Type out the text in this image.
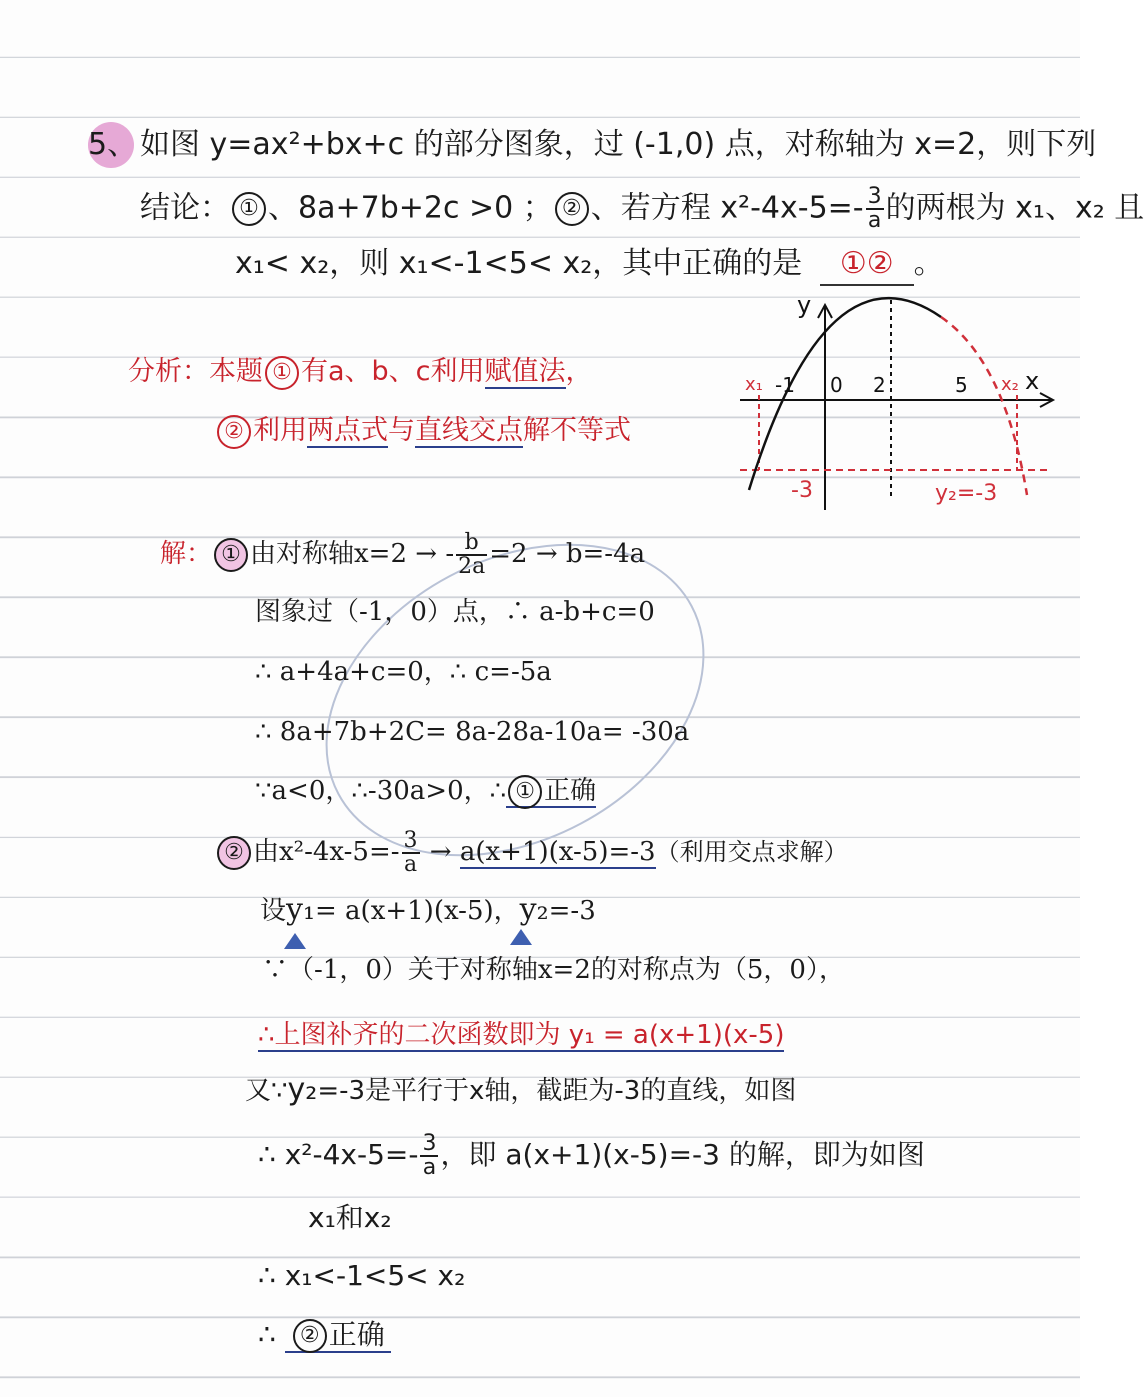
5、如图 y=ax²+bx+c 的部分图象，过 (-1,0) 点，对称轴为 x=2，则下列
结论： ① 、8a+7b+2c >0 ； ② 、若方程 $x^2-4x-5=- \frac{3}{a}$ 的两根为 x₁、x₂ 且
x₁< x₂，则 x₁<-1<5< x₂，其中正确的是 ①② 。
分析：本题 ① 有a、b、c利用赋值法，
② 利用两点式与直线交点解不等式
y
x
-1 0 2	5
x₁	x₂
-3	y₂=-3
解： ① 由对称轴x=2 → - $\frac{b}{2a} =2 \to b=-4a$
图象过（-1，0）点，∴ a-b+c=0
∴ a+4a+c=0，∴ c=-5a
∴ 8a+7b+2C= 8a-28a-10a= -30a
∵a<0，∴-30a>0，∴ ① 正确
② 由$x^2-4x-5=- \frac{3}{a} \to a(x+1)(x-5)=-3$（利用交点求解）
设y₁= a(x+1)(x-5)，y₂=-3
∵（-1，0）关于对称轴x=2的对称点为（5，0），
∴上图补齐的二次函数即为 y₁ = a(x+1)(x-5)
又∵y₂=-3是平行于x轴，截距为-3的直线，如图
∴ $x^2-4x-5=- \frac{3}{a}$ ，即 a(x+1)(x-5)=-3 的解，即为如图
x₁和x₂
∴ x₁<-1<5< x₂
∴ ② 正确
